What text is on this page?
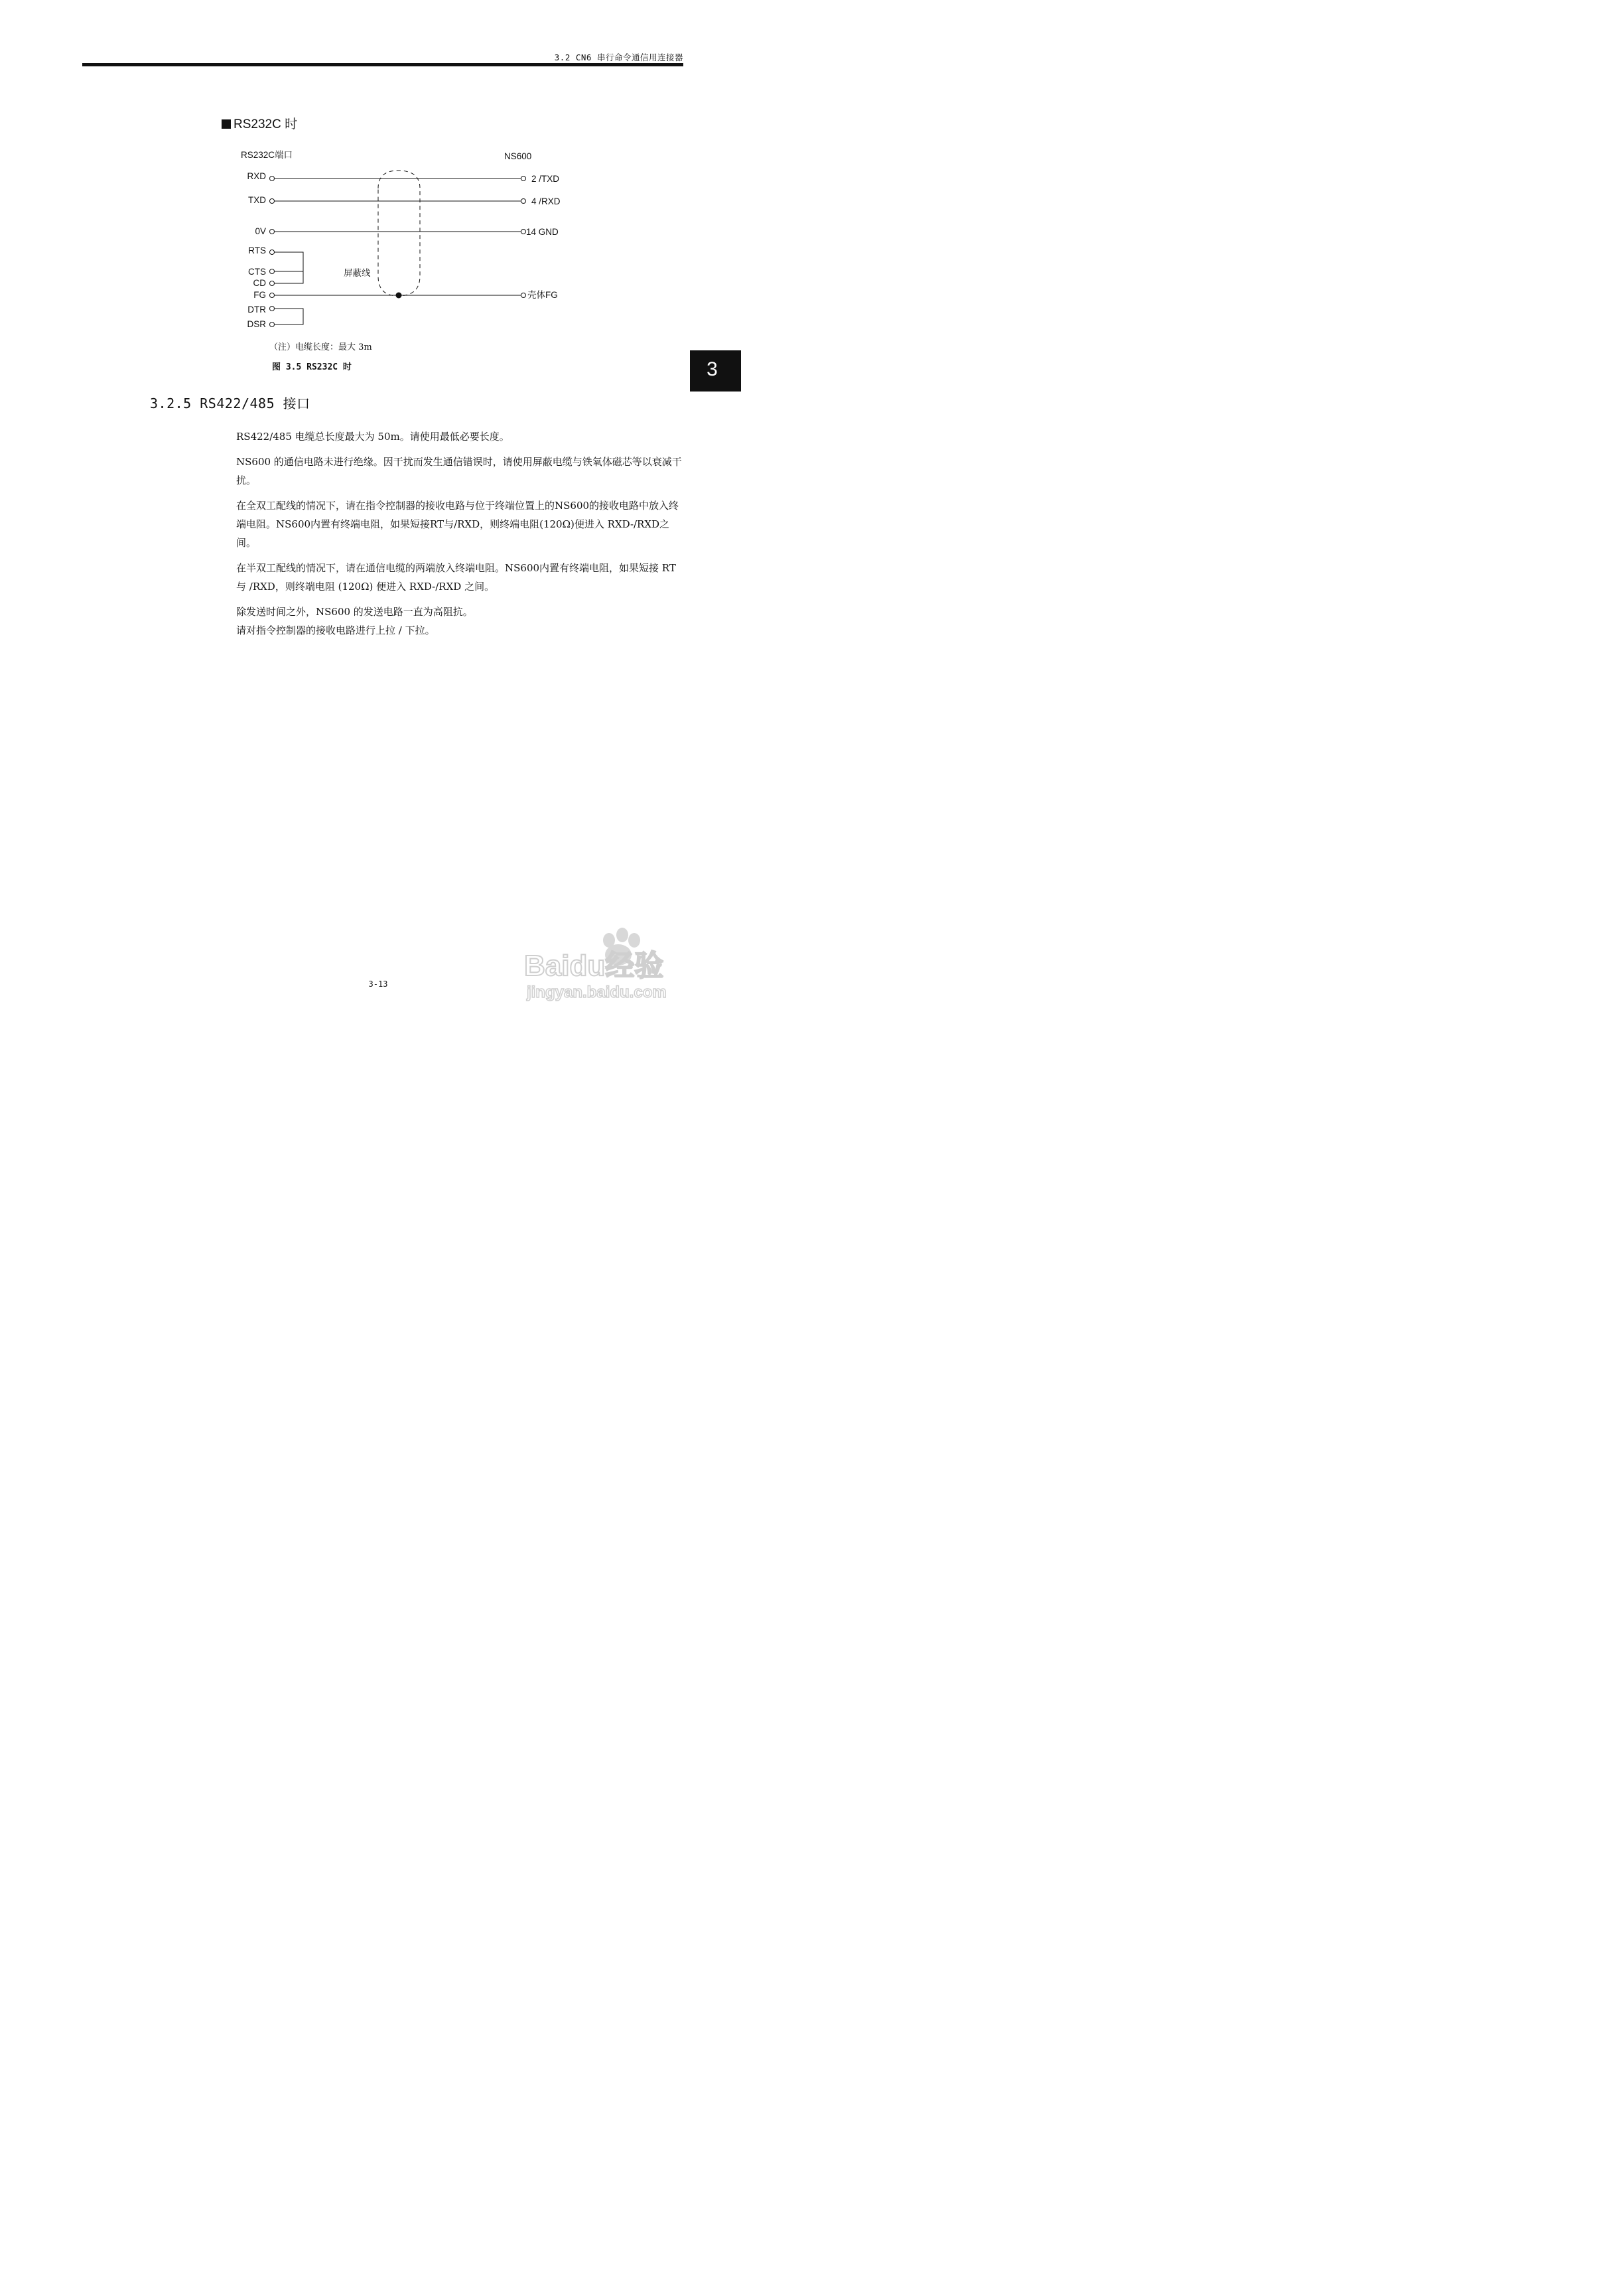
3.2 CN6 串行命令通信用连接器
RS232C 时
RS232C端口	NS600
RXD
TXD
0V
RTS
CTS
CD
FG
DTR
DSR
2 /TXD
4 /RXD
14 GND
壳体FG
屏蔽线
（注）电缆长度：最大 3m
图 3.5 RS232C 时	3
3.2.5 RS422/485 接口

RS422/485 电缆总长度最大为 50m。请使用最低必要长度。

NS600 的通信电路未进行绝缘。因干扰而发生通信错误时，请使用屏蔽电缆与铁氧体磁芯等以衰减干扰。

在全双工配线的情况下，请在指令控制器的接收电路与位于终端位置上的NS600的接收电路中放入终端电阻。NS600内置有终端电阻，如果短接RT与/RXD，则终端电阻(120Ω)便进入 RXD-/RXD之间。

在半双工配线的情况下，请在通信电缆的两端放入终端电阻。NS600内置有终端电阻，如果短接 RT 与 /RXD，则终端电阻 (120Ω) 便进入 RXD-/RXD 之间。

除发送时间之外，NS600 的发送电路一直为高阻抗。

请对指令控制器的接收电路进行上拉 / 下拉。

3-13
Baidu经验
jingyan.baidu.com
